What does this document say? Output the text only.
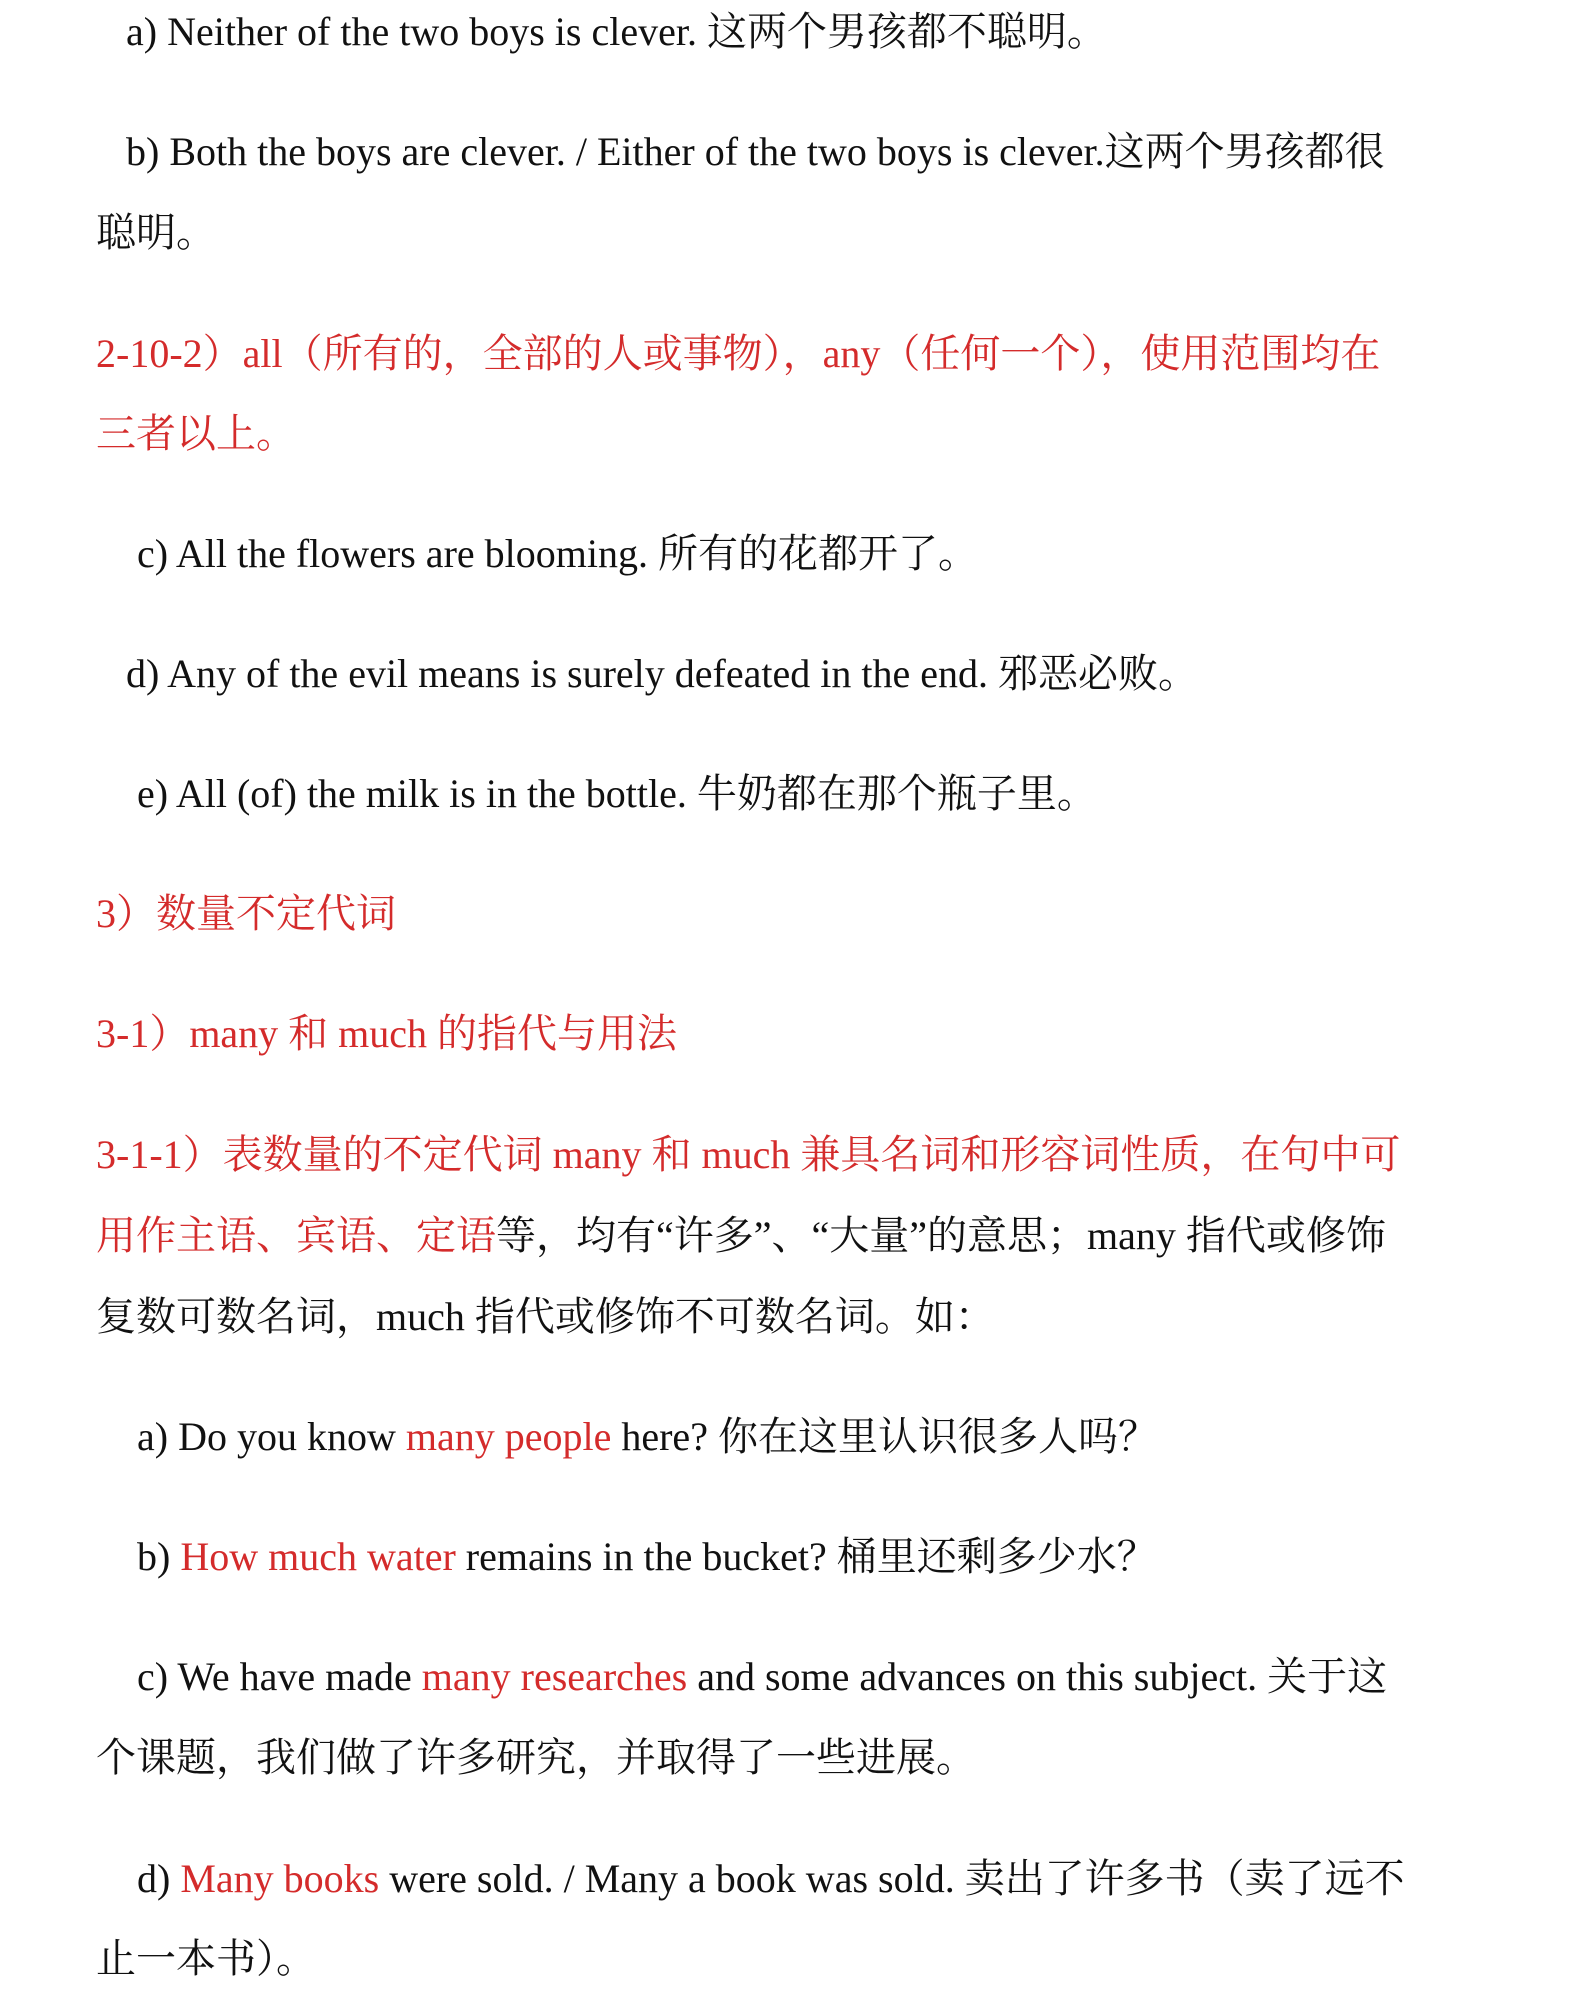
a) Neither of the two boys is clever. 这两个男孩都不聪明。
b) Both the boys are clever. / Either of the two boys is clever.这两个男孩都很
聪明。
2-10-2）all（所有的，全部的人或事物），any（任何一个），使用范围均在
三者以上。
c) All the flowers are blooming. 所有的花都开了。
d) Any of the evil means is surely defeated in the end. 邪恶必败。
e) All (of) the milk is in the bottle. 牛奶都在那个瓶子里。
3）数量不定代词
3-1）many 和 much 的指代与用法
3-1-1）表数量的不定代词 many 和 much 兼具名词和形容词性质，在句中可
用作主语、宾语、定语等，均有“许多”、“大量”的意思；many 指代或修饰
复数可数名词，much 指代或修饰不可数名词。如：
a) Do you know many people here? 你在这里认识很多人吗？
b) How much water remains in the bucket? 桶里还剩多少水？
c) We have made many researches and some advances on this subject. 关于这
个课题，我们做了许多研究，并取得了一些进展。
d) Many books were sold. / Many a book was sold. 卖出了许多书（卖了远不
止一本书）。
